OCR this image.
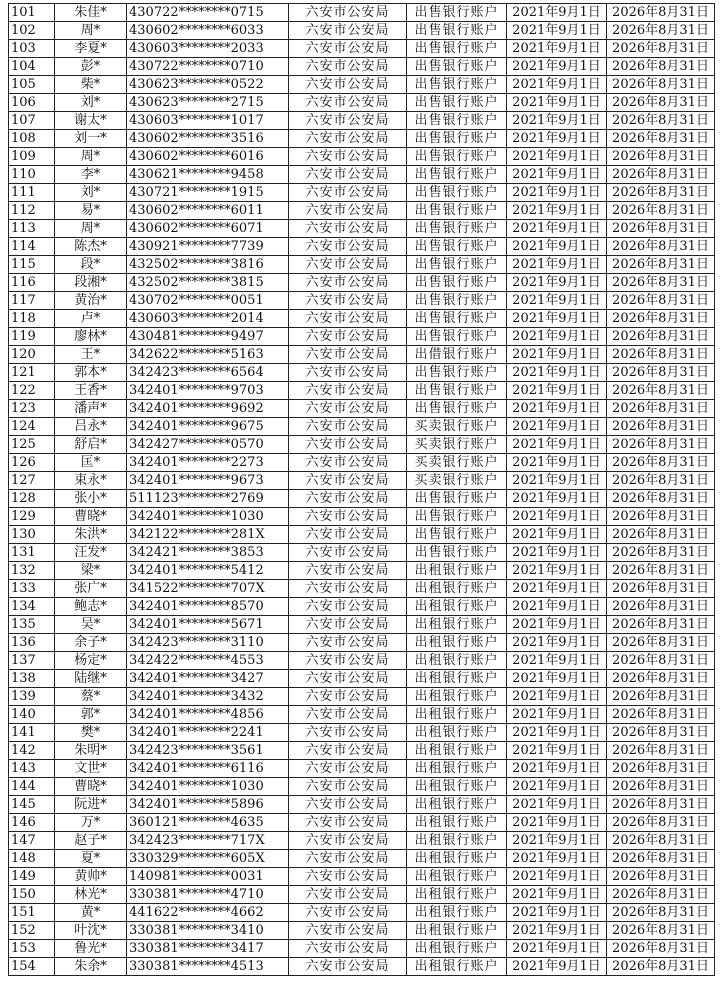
101	朱佳*	430722********0715	六安市公安局	出售银行账户	2021年9月1日	2026年8月31日
102	周*	430602********6033	六安市公安局	出售银行账户	2021年9月1日	2026年8月31日
103	李夏*	430603********2033	六安市公安局	出售银行账户	2021年9月1日	2026年8月31日
104	彭*	430722********0710	六安市公安局	出售银行账户	2021年9月1日	2026年8月31日
105	柴*	430623********0522	六安市公安局	出售银行账户	2021年9月1日	2026年8月31日
106	刘*	430623********2715	六安市公安局	出售银行账户	2021年9月1日	2026年8月31日
107	谢太*	430603********1017	六安市公安局	出售银行账户	2021年9月1日	2026年8月31日
108	刘一*	430602********3516	六安市公安局	出售银行账户	2021年9月1日	2026年8月31日
109	周*	430602********6016	六安市公安局	出售银行账户	2021年9月1日	2026年8月31日
110	李*	430621********9458	六安市公安局	出售银行账户	2021年9月1日	2026年8月31日
111	刘*	430721********1915	六安市公安局	出售银行账户	2021年9月1日	2026年8月31日
112	易*	430602********6011	六安市公安局	出售银行账户	2021年9月1日	2026年8月31日
113	周*	430602********6071	六安市公安局	出售银行账户	2021年9月1日	2026年8月31日
114	陈杰*	430921********7739	六安市公安局	出售银行账户	2021年9月1日	2026年8月31日
115	段*	432502********3816	六安市公安局	出售银行账户	2021年9月1日	2026年8月31日
116	段湘*	432502********3815	六安市公安局	出售银行账户	2021年9月1日	2026年8月31日
117	黄治*	430702********0051	六安市公安局	出售银行账户	2021年9月1日	2026年8月31日
118	卢*	430603********2014	六安市公安局	出售银行账户	2021年9月1日	2026年8月31日
119	廖林*	430481********9497	六安市公安局	出售银行账户	2021年9月1日	2026年8月31日
120	王*	342622********5163	六安市公安局	出借银行账户	2021年9月1日	2026年8月31日
121	郭本*	342423********6564	六安市公安局	出售银行账户	2021年9月1日	2026年8月31日
122	王香*	342401********9703	六安市公安局	出售银行账户	2021年9月1日	2026年8月31日
123	潘声*	342401********9692	六安市公安局	出售银行账户	2021年9月1日	2026年8月31日
124	吕永*	342401********9675	六安市公安局	买卖银行账户	2021年9月1日	2026年8月31日
125	舒启*	342427********0570	六安市公安局	买卖银行账户	2021年9月1日	2026年8月31日
126	匡*	342401********2273	六安市公安局	买卖银行账户	2021年9月1日	2026年8月31日
127	束永*	342401********9673	六安市公安局	买卖银行账户	2021年9月1日	2026年8月31日
128	张小*	511123********2769	六安市公安局	出售银行账户	2021年9月1日	2026年8月31日
129	曹晓*	342401********1030	六安市公安局	出售银行账户	2021年9月1日	2026年8月31日
130	朱洪*	342122********281X	六安市公安局	出售银行账户	2021年9月1日	2026年8月31日
131	汪发*	342421********3853	六安市公安局	出售银行账户	2021年9月1日	2026年8月31日
132	梁*	342401********5412	六安市公安局	出租银行账户	2021年9月1日	2026年8月31日
133	张广*	341522********707X	六安市公安局	出租银行账户	2021年9月1日	2026年8月31日
134	鲍志*	342401********8570	六安市公安局	出租银行账户	2021年9月1日	2026年8月31日
135	吴*	342401********5671	六安市公安局	出租银行账户	2021年9月1日	2026年8月31日
136	余子*	342423********3110	六安市公安局	出租银行账户	2021年9月1日	2026年8月31日
137	杨定*	342422********4553	六安市公安局	出租银行账户	2021年9月1日	2026年8月31日
138	陆继*	342401********3427	六安市公安局	出租银行账户	2021年9月1日	2026年8月31日
139	蔡*	342401********3432	六安市公安局	出租银行账户	2021年9月1日	2026年8月31日
140	郭*	342401********4856	六安市公安局	出租银行账户	2021年9月1日	2026年8月31日
141	樊*	342401********2241	六安市公安局	出租银行账户	2021年9月1日	2026年8月31日
142	朱明*	342423********3561	六安市公安局	出租银行账户	2021年9月1日	2026年8月31日
143	文世*	342401********6116	六安市公安局	出租银行账户	2021年9月1日	2026年8月31日
144	曹晓*	342401********1030	六安市公安局	出租银行账户	2021年9月1日	2026年8月31日
145	阮进*	342401********5896	六安市公安局	出租银行账户	2021年9月1日	2026年8月31日
146	万*	360121********4635	六安市公安局	出租银行账户	2021年9月1日	2026年8月31日
147	赵子*	342423********717X	六安市公安局	出租银行账户	2021年9月1日	2026年8月31日
148	夏*	330329********605X	六安市公安局	出租银行账户	2021年9月1日	2026年8月31日
149	黄帅*	140981********0031	六安市公安局	出租银行账户	2021年9月1日	2026年8月31日
150	林光*	330381********4710	六安市公安局	出租银行账户	2021年9月1日	2026年8月31日
151	黄*	441622********4662	六安市公安局	出租银行账户	2021年9月1日	2026年8月31日
152	叶沈*	330381********3410	六安市公安局	出租银行账户	2021年9月1日	2026年8月31日
153	鲁光*	330381********3417	六安市公安局	出租银行账户	2021年9月1日	2026年8月31日
154	朱余*	330381********4513	六安市公安局	出租银行账户	2021年9月1日	2026年8月31日
